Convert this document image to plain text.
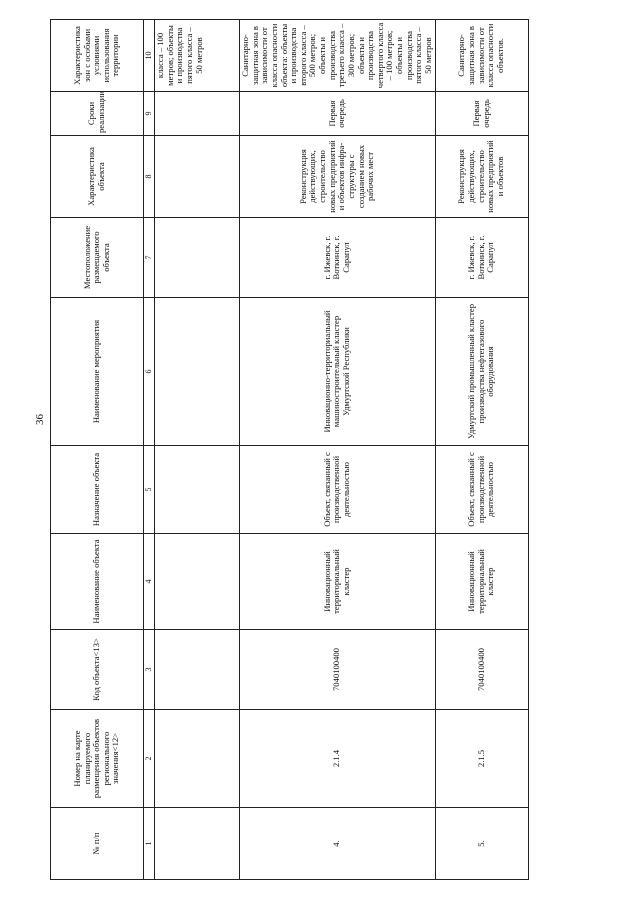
36
№ п/п	Номер на карте планируемого размещения объектов регионального значения<12>	Код объекта<13>	Наименование объекта	Назначение объекта	Наименование мероприятия	Местоположение размещаемого объекта	Характеристика объекта	Сроки реализации	Характеристика зон с особыми условиями использования территории
1	2	3	4	5	6	7	8	9	10
									класса – 100 метров; объекты и производства пятого класса – 50 метров
4.	2.1.4	7040100400	Инновационный территориальный кластер	Объект, связанный с производственной деятельностью	Инновационно-территориальный машиностроительный кластер Удмуртской Республики	г. Ижевск, г. Воткинск, г. Сарапул	Реконструкция действующих, строительство новых предприятий и объектов инфра-структуры с созданием новых рабочих мест	Первая очередь	Санитарно-защитная зона в зависимости от класса опасности объекта: объекты и производства второго класса – 500 метров; объекты и производства третьего класса – 300 метров; объекты и производства четвертого класса – 100 метров; объекты и производства пятого класса – 50 метров
5.	2.1.5	7040100400	Инновационный территориальный кластер	Объект, связанный с производственной деятельностью	Удмуртский промышленный кластер производства нефтегазового оборудования	г. Ижевск, г. Воткинск, г. Сарапул	Реконструкция действующих, строительство новых предприятий и объектов	Первая очередь	Санитарно-защитная зона в зависимости от класса опасности объектов.
